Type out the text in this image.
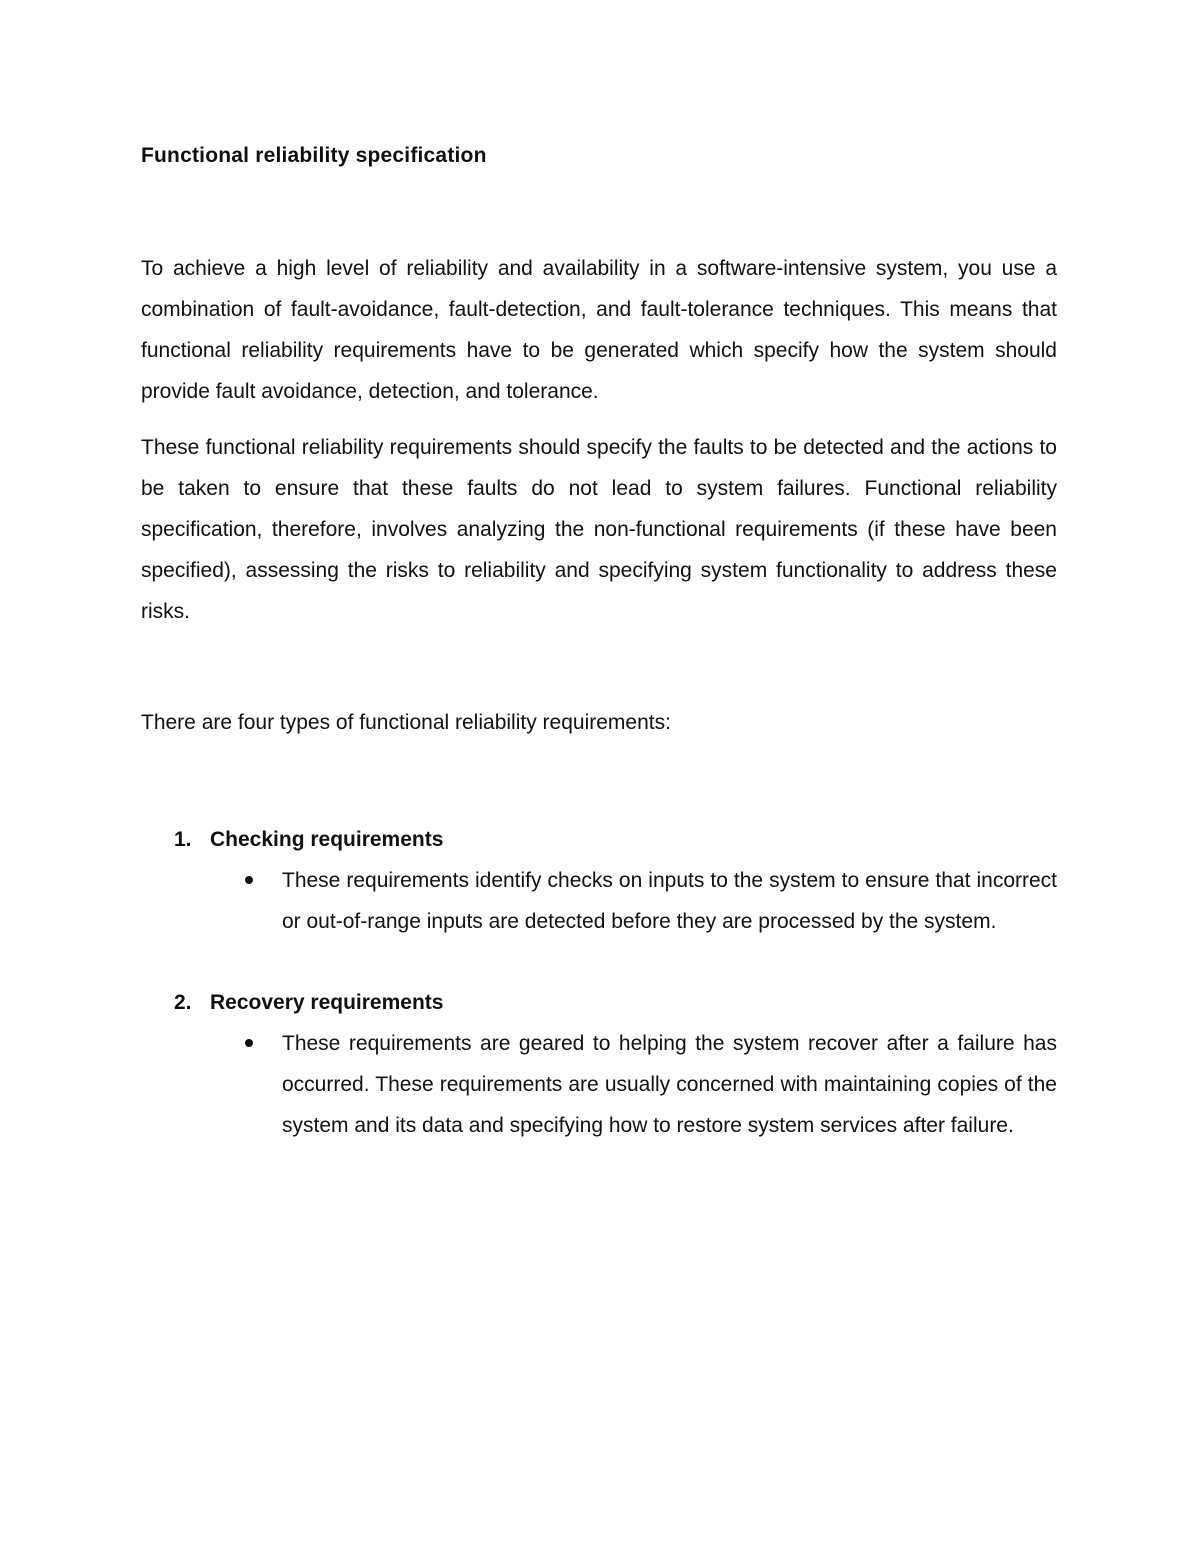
Functional reliability specification

To achieve a high level of reliability and availability in a software-intensive system, you use a combination of fault-avoidance, fault-detection, and fault-tolerance techniques. This means that functional reliability requirements have to be generated which specify how the system should provide fault avoidance, detection, and tolerance.

These functional reliability requirements should specify the faults to be detected and the actions to be taken to ensure that these faults do not lead to system failures. Functional reliability specification, therefore, involves analyzing the non-functional requirements (if these have been specified), assessing the risks to reliability and specifying system functionality to address these risks.

There are four types of functional reliability requirements:

1. Checking requirements
These requirements identify checks on inputs to the system to ensure that incorrect or out-of-range inputs are detected before they are processed by the system.
2. Recovery requirements
These requirements are geared to helping the system recover after a failure has occurred. These requirements are usually concerned with maintaining copies of the system and its data and specifying how to restore system services after failure.
